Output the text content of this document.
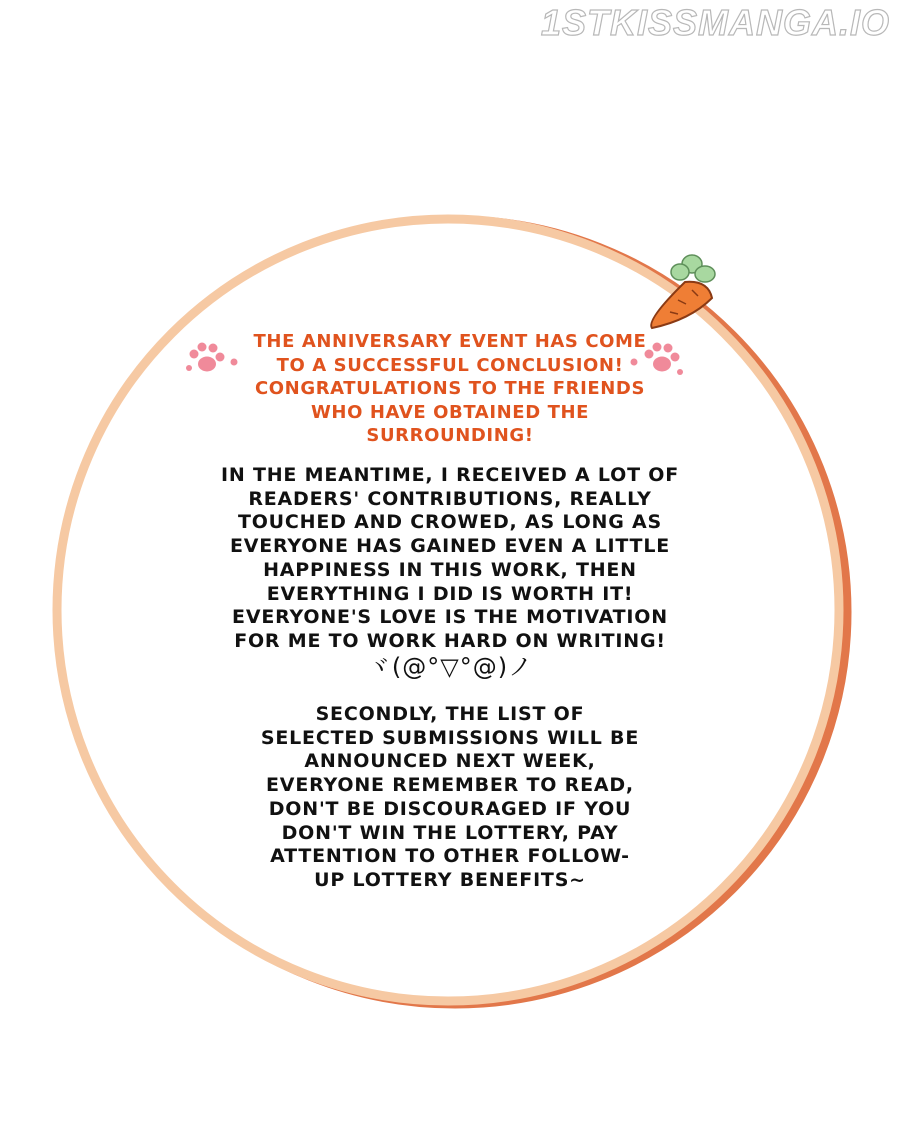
1STKISSMANGA.IO
THE ANNIVERSARY EVENT HAS COME
TO A SUCCESSFUL CONCLUSION!
CONGRATULATIONS TO THE FRIENDS
WHO HAVE OBTAINED THE
SURROUNDING!
IN THE MEANTIME, I RECEIVED A LOT OF
READERS' CONTRIBUTIONS, REALLY
TOUCHED AND CROWED, AS LONG AS
EVERYONE HAS GAINED EVEN A LITTLE
HAPPINESS IN THIS WORK, THEN
EVERYTHING I DID IS WORTH IT!
EVERYONE'S LOVE IS THE MOTIVATION
FOR ME TO WORK HARD ON WRITING!
ヾ(@°▽°@)ノ
SECONDLY, THE LIST OF
SELECTED SUBMISSIONS WILL BE
ANNOUNCED NEXT WEEK,
EVERYONE REMEMBER TO READ,
DON'T BE DISCOURAGED IF YOU
DON'T WIN THE LOTTERY, PAY
ATTENTION TO OTHER FOLLOW-
UP LOTTERY BENEFITS~
